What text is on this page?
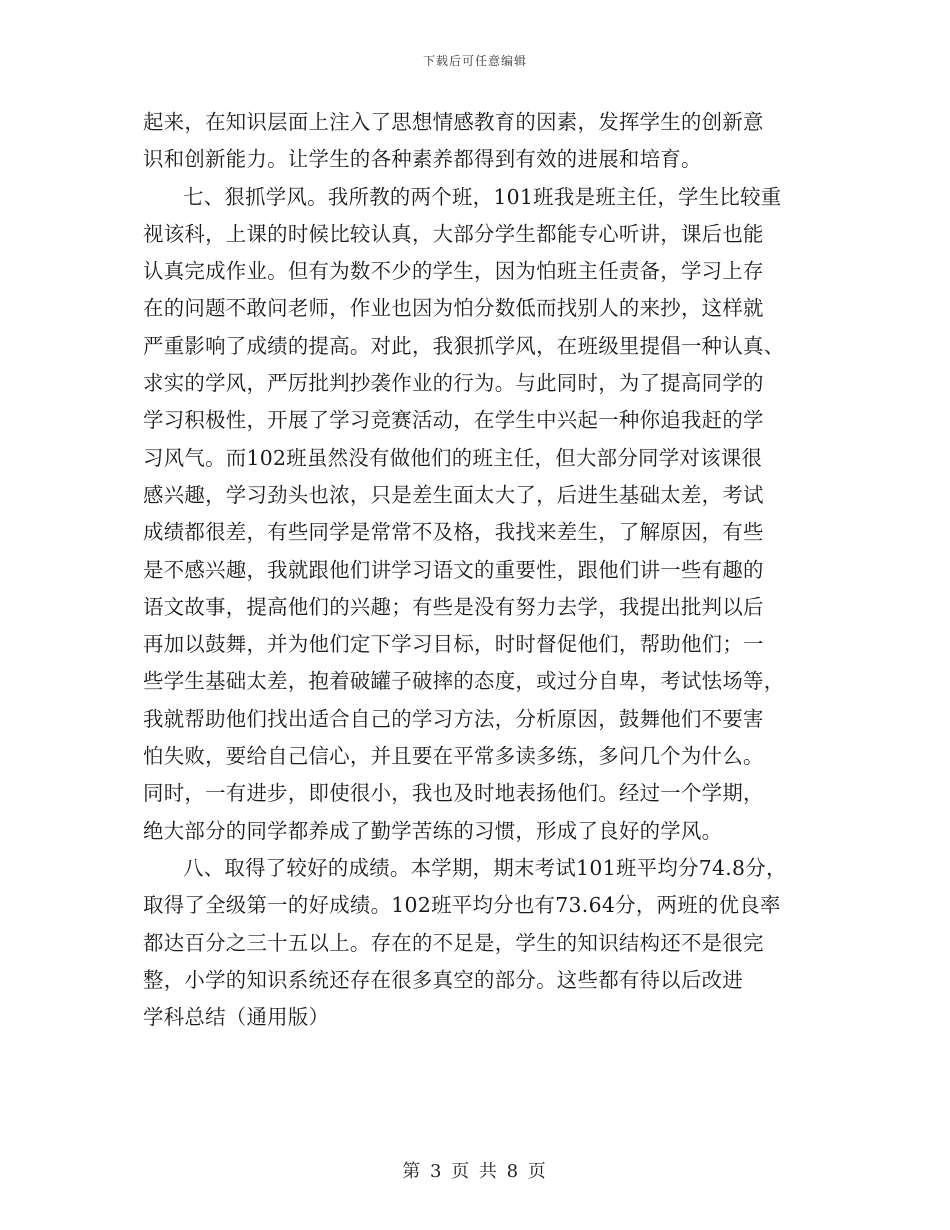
下载后可任意编辑
起来，在知识层面上注入了思想情感教育的因素，发挥学生的创新意
识和创新能力。让学生的各种素养都得到有效的进展和培育。
七、狠抓学风。我所教的两个班，101班我是班主任，学生比较重
视该科，上课的时候比较认真，大部分学生都能专心听讲，课后也能
认真完成作业。但有为数不少的学生，因为怕班主任责备，学习上存
在的问题不敢问老师，作业也因为怕分数低而找别人的来抄，这样就
严重影响了成绩的提高。对此，我狠抓学风，在班级里提倡一种认真、
求实的学风，严厉批判抄袭作业的行为。与此同时，为了提高同学的
学习积极性，开展了学习竞赛活动，在学生中兴起一种你追我赶的学
习风气。而102班虽然没有做他们的班主任，但大部分同学对该课很
感兴趣，学习劲头也浓，只是差生面太大了，后进生基础太差，考试
成绩都很差，有些同学是常常不及格，我找来差生，了解原因，有些
是不感兴趣，我就跟他们讲学习语文的重要性，跟他们讲一些有趣的
语文故事，提高他们的兴趣；有些是没有努力去学，我提出批判以后
再加以鼓舞，并为他们定下学习目标，时时督促他们，帮助他们；一
些学生基础太差，抱着破罐子破摔的态度，或过分自卑，考试怯场等，
我就帮助他们找出适合自己的学习方法，分析原因，鼓舞他们不要害
怕失败，要给自己信心，并且要在平常多读多练，多问几个为什么。
同时，一有进步，即使很小，我也及时地表扬他们。经过一个学期，
绝大部分的同学都养成了勤学苦练的习惯，形成了良好的学风。
八、取得了较好的成绩。本学期，期末考试101班平均分74.8分，
取得了全级第一的好成绩。102班平均分也有73.64分，两班的优良率
都达百分之三十五以上。存在的不足是，学生的知识结构还不是很完
整，小学的知识系统还存在很多真空的部分。这些都有待以后改进
学科总结（通用版）
第 3 页 共 8 页
